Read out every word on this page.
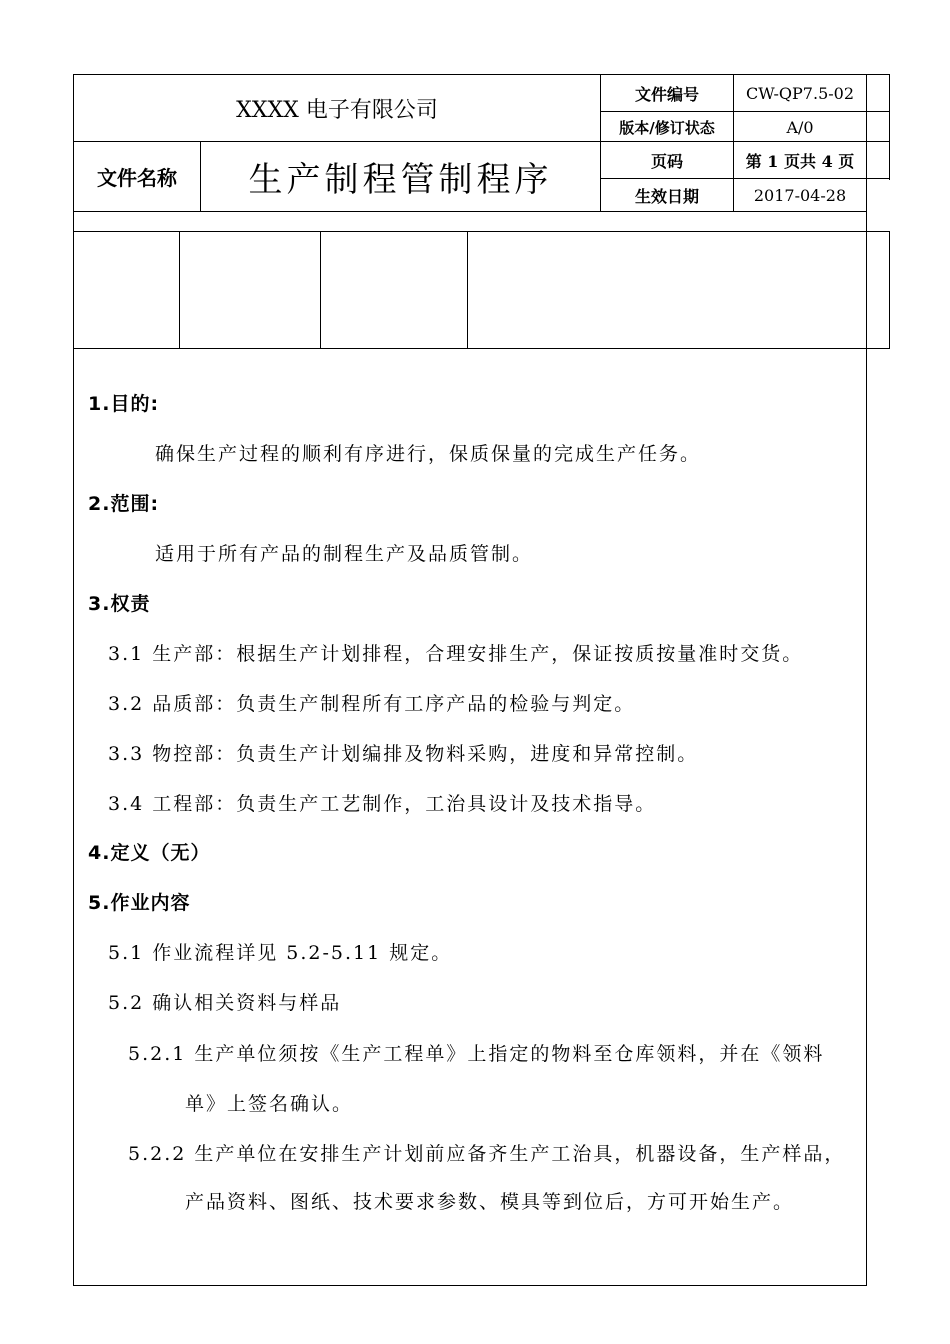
XXXX 电子有限公司
文件名称	生产制程管制程序
文件编号	CW-QP7.5-02
版本/修订状态	A/0
页码	第 1 页共 4 页
生效日期	2017-04-28
1.目的:
确保生产过程的顺利有序进行，保质保量的完成生产任务。
2.范围:
适用于所有产品的制程生产及品质管制。
3.权责
3.1 生产部：根据生产计划排程，合理安排生产，保证按质按量准时交货。
3.2 品质部：负责生产制程所有工序产品的检验与判定。
3.3 物控部：负责生产计划编排及物料采购，进度和异常控制。
3.4 工程部：负责生产工艺制作，工治具设计及技术指导。
4.定义（无）
5.作业内容
5.1 作业流程详见 5.2-5.11 规定。
5.2 确认相关资料与样品
5.2.1 生产单位须按《生产工程单》上指定的物料至仓库领料，并在《领料
单》上签名确认。
5.2.2 生产单位在安排生产计划前应备齐生产工治具，机器设备，生产样品，
产品资料、图纸、技术要求参数、模具等到位后，方可开始生产。
